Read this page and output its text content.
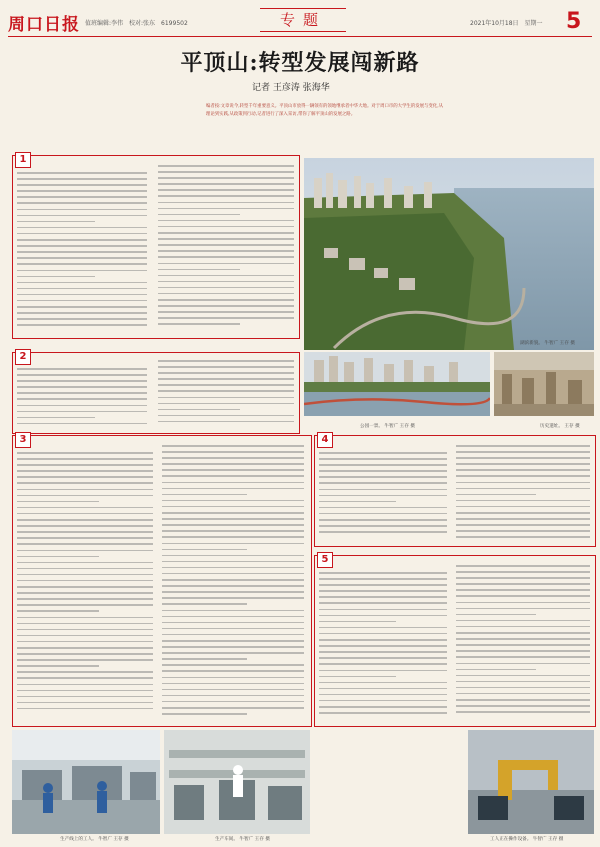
周口日报 值班编辑:李伟　校对:张东　6199502	专题	2021年10月18日　星期一 5
平顶山:转型发展闯新路
记者 王彦涛 张海华
编者按:文章说今,转型千年重要意义。平顶山市放得一辆领有的领地继承者中华大地。对于周口市的大学生的发展与变化,从理论到实践,从政策到行动,记者进行了深入采访,带你了解平顶山的发展之路。
1
湖滨新貌。 牛智广 王存 摄
2
公园一景。 牛智广 王存 摄	历史遗址。 王存 摄
3	4
5
生产线上的工人。 牛智广 王存 摄	生产车间。 牛智广 王存 摄	工人正在操作设备。 牛智广 王存 摄
